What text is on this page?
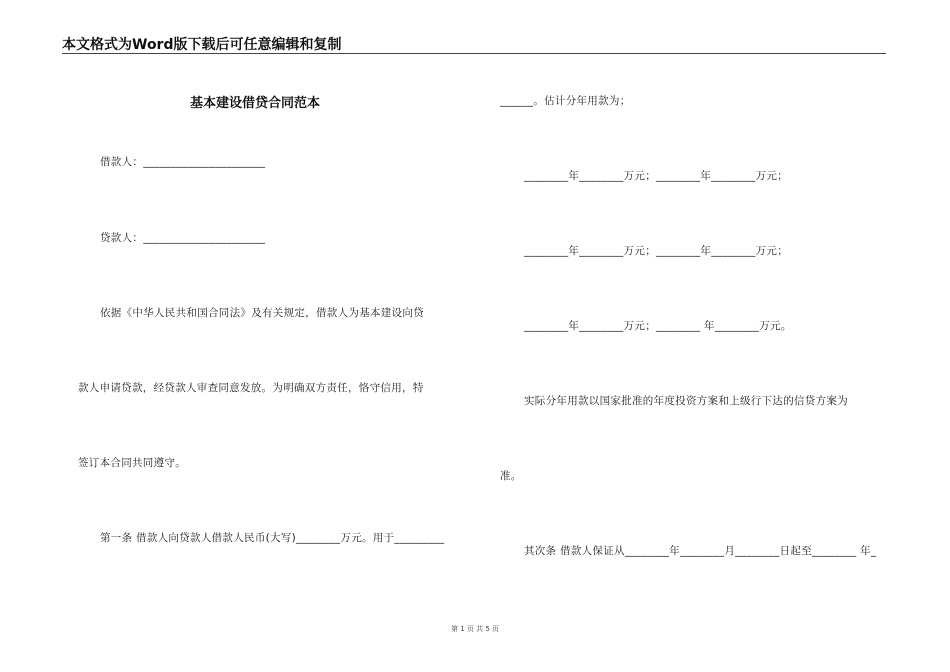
本文格式为Word版下载后可任意编辑和复制
基本建设借贷合同范本
借款人：______________________
贷款人：______________________
依据《中华人民共和国合同法》及有关规定，借款人为基本建设向贷
款人申请贷款，经贷款人审查同意发放。为明确双方责任，恪守信用，特
签订本合同共同遵守。
第一条 借款人向贷款人借款人民币(大写)________万元。用于_________
______。估计分年用款为；
________年________万元；________年________万元；
________年________万元；________年________万元；
________年________万元；________ 年________万元。
实际分年用款以国家批准的年度投资方案和上级行下达的信贷方案为
准。
其次条 借款人保证从________年________月________日起至________ 年_
第 1 页 共 5 页
